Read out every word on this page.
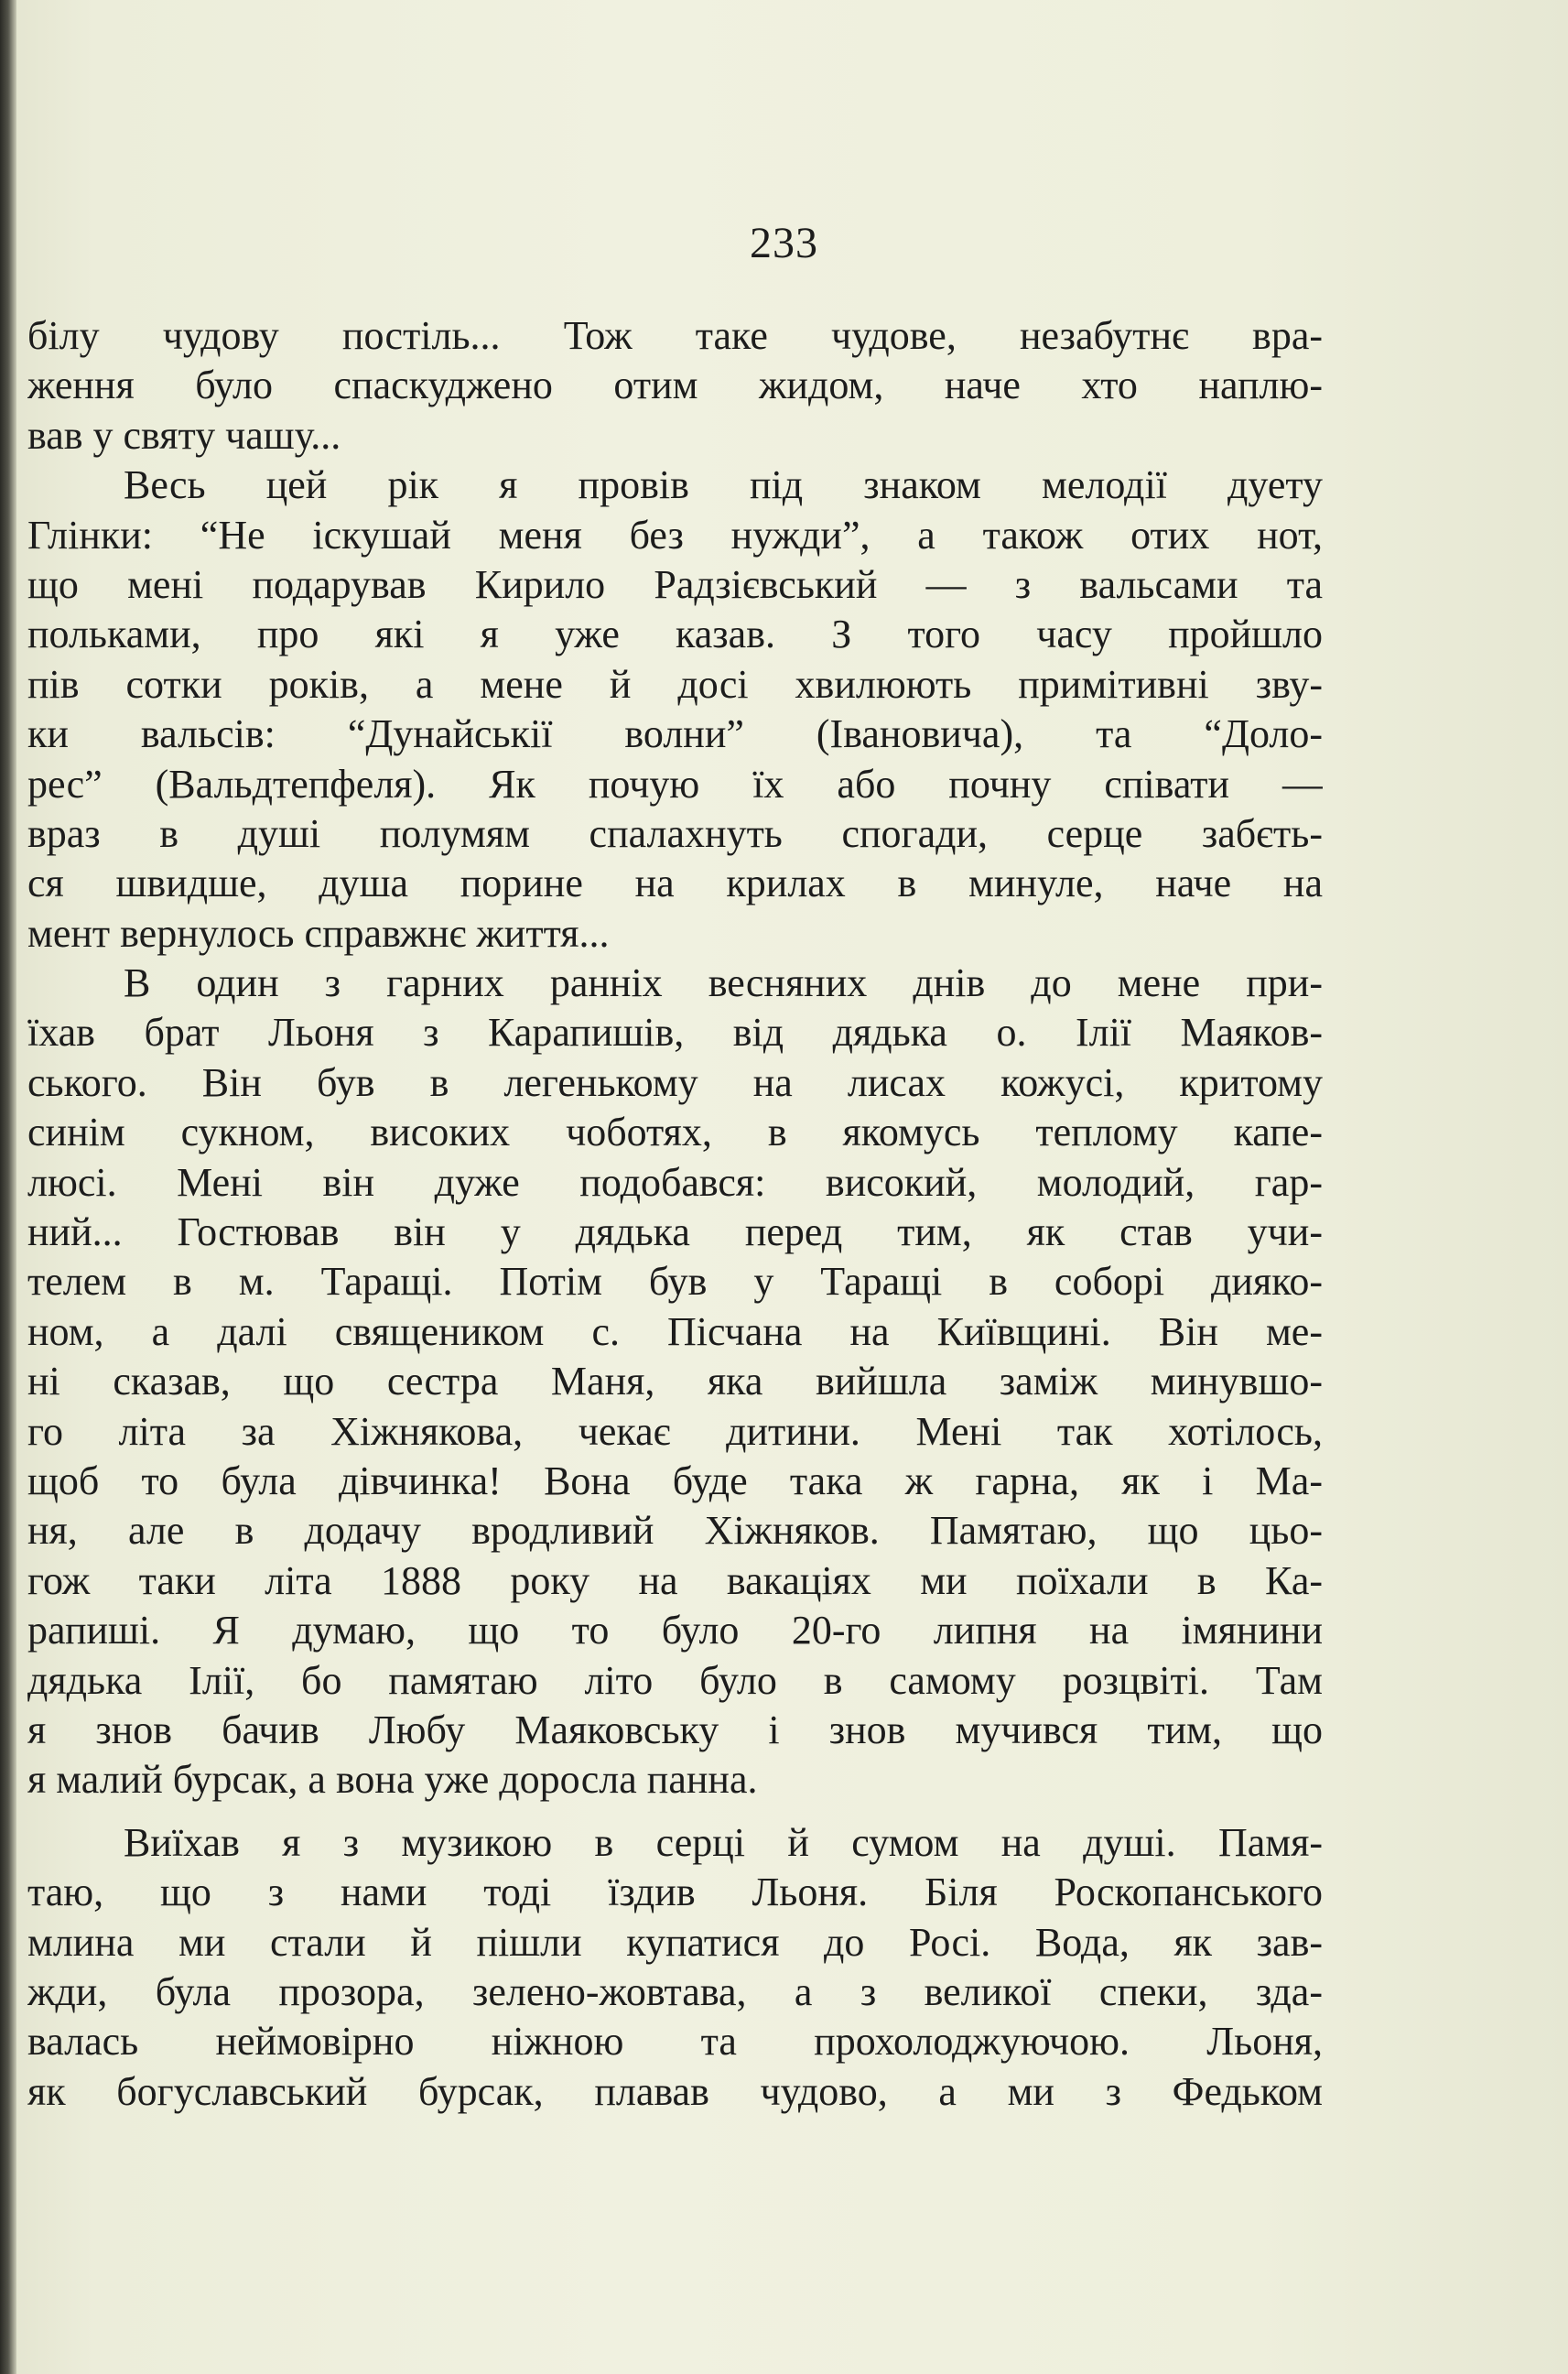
233
білу чудову постіль... Тож таке чудове, незабутнє вра-
ження було спаскуджено отим жидом, наче хто наплю-
вав у святу чашу...
Весь цей рік я провів під знаком мелодії дуету
Глінки: “Не іскушай меня без нужди”, а також отих нот,
що мені подарував Кирило Радзієвський — з вальсами та
польками, про які я уже казав. З того часу пройшло
пів сотки років, а мене й досі хвилюють примітивні зву-
ки вальсів: “Дунайськії волни” (Івановича), та “Доло-
рес” (Вальдтепфеля). Як почую їх або почну співати —
враз в душі полумям спалахнуть спогади, серце забєть-
ся швидше, душа порине на крилах в минуле, наче на
мент вернулось справжнє життя...
В один з гарних ранніх весняних днів до мене при-
їхав брат Льоня з Карапишів, від дядька о. Ілії Маяков-
ського. Він був в легенькому на лисах кожусі, критому
синім сукном, високих чоботях, в якомусь теплому капе-
люсі. Мені він дуже подобався: високий, молодий, гар-
ний... Гостював він у дядька перед тим, як став учи-
телем в м. Таращі. Потім був у Таращі в соборі дияко-
ном, а далі священиком с. Пісчана на Київщині. Він ме-
ні сказав, що сестра Маня, яка вийшла заміж минувшо-
го літа за Хіжнякова, чекає дитини. Мені так хотілось,
щоб то була дівчинка! Вона буде така ж гарна, як і Ма-
ня, але в додачу вродливий Хіжняков. Памятаю, що цьо-
гож таки літа 1888 року на вакаціях ми поїхали в Ка-
рапиші. Я думаю, що то було 20-го липня на імянини
дядька Ілії, бо памятаю літо було в самому розцвіті. Там
я знов бачив Любу Маяковську і знов мучився тим, що
я малий бурсак, а вона уже доросла панна.
Виїхав я з музикою в серці й сумом на душі. Памя-
таю, що з нами тоді їздив Льоня. Біля Роскопанського
млина ми стали й пішли купатися до Росі. Вода, як зав-
жди, була прозора, зелено-жовтава, а з великої спеки, зда-
валась неймовірно ніжною та прохолоджуючою. Льоня,
як богуславський бурсак, плавав чудово, а ми з Федьком
